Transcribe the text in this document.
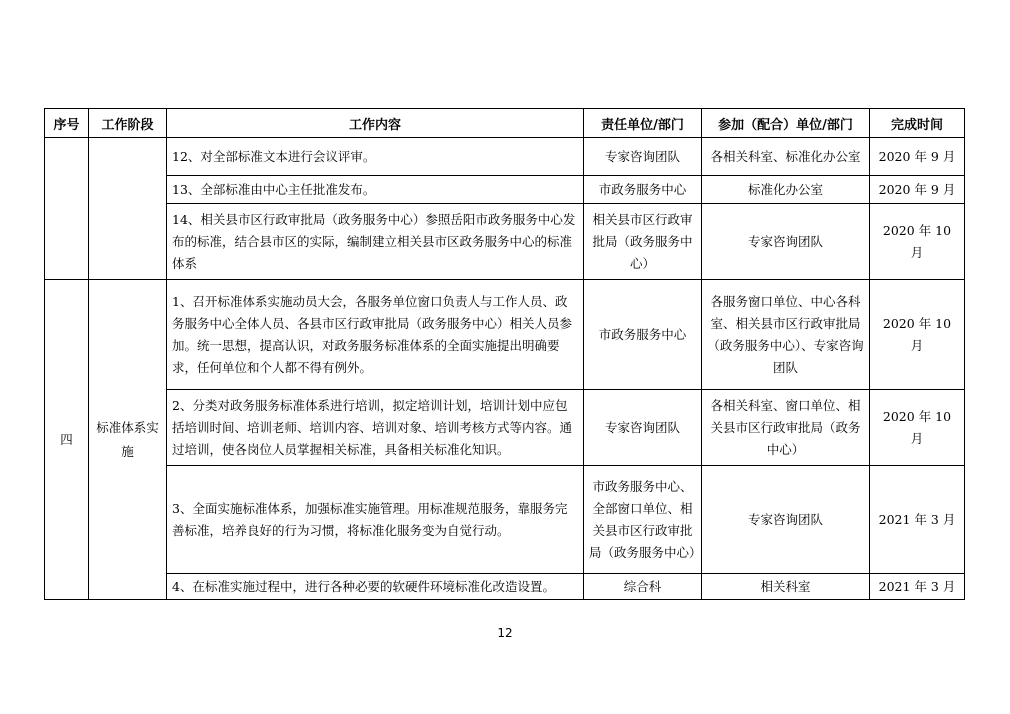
序号	工作阶段	工作内容	责任单位/部门	参加（配合）单位/部门	完成时间
		12、对全部标准文本进行会议评审。	专家咨询团队	各相关科室、标准化办公室	2020 年 9 月
		13、全部标准由中心主任批准发布。	市政务服务中心	标准化办公室	2020 年 9 月
		14、相关县市区行政审批局（政务服务中心）参照岳阳市政务服务中心发布的标准，结合县市区的实际，编制建立相关县市区政务服务中心的标准体系	相关县市区行政审批局（政务服务中心）	专家咨询团队	2020 年 10 月
四	标准体系实施	1、召开标准体系实施动员大会，各服务单位窗口负责人与工作人员、政务服务中心全体人员、各县市区行政审批局（政务服务中心）相关人员参加。统一思想，提高认识，对政务服务标准体系的全面实施提出明确要求，任何单位和个人都不得有例外。	市政务服务中心	各服务窗口单位、中心各科室、相关县市区行政审批局（政务服务中心）、专家咨询团队	2020 年 10 月
		2、分类对政务服务标准体系进行培训，拟定培训计划，培训计划中应包括培训时间、培训老师、培训内容、培训对象、培训考核方式等内容。通过培训，使各岗位人员掌握相关标准，具备相关标准化知识。	专家咨询团队	各相关科室、窗口单位、相关县市区行政审批局（政务中心）	2020 年 10 月
		3、全面实施标准体系，加强标准实施管理。用标准规范服务，靠服务完善标准，培养良好的行为习惯，将标准化服务变为自觉行动。	市政务服务中心、全部窗口单位、相关县市区行政审批局（政务服务中心）	专家咨询团队	2021 年 3 月
		4、在标准实施过程中，进行各种必要的软硬件环境标准化改造设置。	综合科	相关科室	2021 年 3 月
12
